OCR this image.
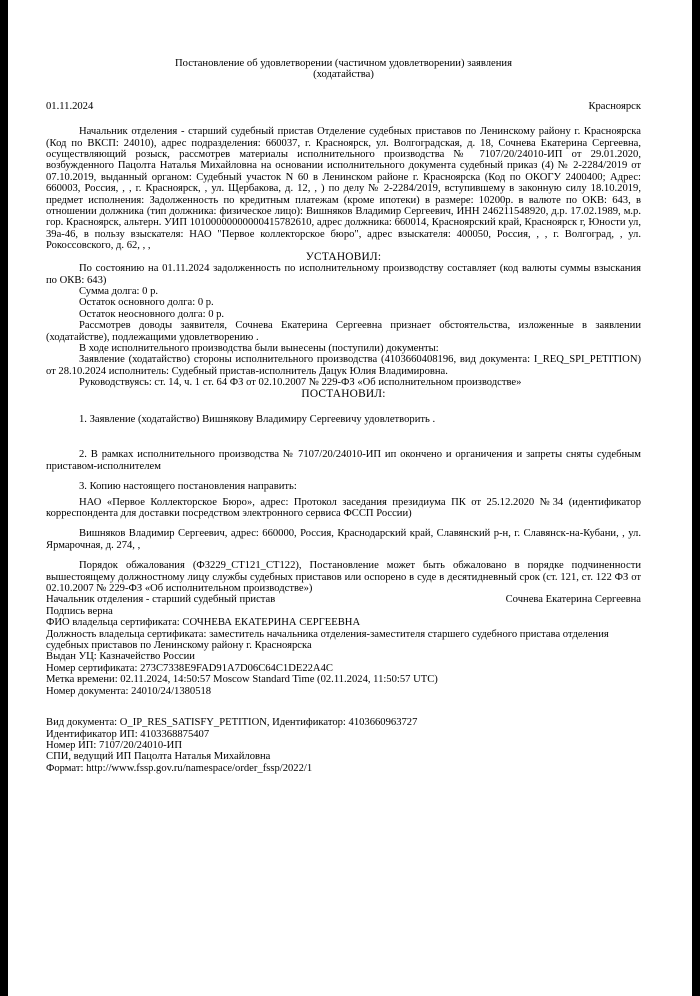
Постановление об удовлетворении (частичном удовлетворении) заявления (ходатайства)

01.11.2024	Красноярск

Начальник отделения - старший судебный пристав Отделение судебных приставов по Ленинскому району г. Красноярска (Код по ВКСП: 24010), адрес подразделения: 660037, г. Красноярск, ул. Волгоградская, д. 18, Сочнева Екатерина Сергеевна, осуществляющий розыск, рассмотрев материалы исполнительного производства № 7107/20/24010-ИП от 29.01.2020, возбужденного Пацолта Наталья Михайловна на основании исполнительного документа судебный приказ (4) № 2-2284/2019 от 07.10.2019, выданный органом: Судебный участок N 60 в Ленинском районе г. Красноярска (Код по ОКОГУ 2400400; Адрес: 660003, Россия, , , г. Красноярск, , ул. Щербакова, д. 12, , ) по делу № 2-2284/2019, вступившему в законную силу 18.10.2019, предмет исполнения: Задолженность по кредитным платежам (кроме ипотеки) в размере: 10200р. в валюте по ОКВ: 643, в отношении должника (тип должника: физическое лицо): Вишняков Владимир Сергеевич, ИНН 246211548920, д.р. 17.02.1989, м.р. гор. Красноярск, альтерн. УИП 10100000000000415782610, адрес должника: 660014, Красноярский край, Красноярск г, Юности ул, 39а-46, в пользу взыскателя: НАО "Первое коллекторское бюро", адрес взыскателя: 400050, Россия, , , г. Волгоград, , ул. Рокоссовского, д. 62, , ,

УСТАНОВИЛ:

По состоянию на 01.11.2024 задолженность по исполнительному производству составляет (код валюты суммы взыскания по ОКВ: 643)

Сумма долга: 0 р.

Остаток основного долга: 0 р.

Остаток неосновного долга: 0 р.

Рассмотрев доводы заявителя, Сочнева Екатерина Сергеевна признает обстоятельства, изложенные в заявлении (ходатайстве), подлежащими удовлетворению .

В ходе исполнительного производства были вынесены (поступили) документы:

Заявление (ходатайство) стороны исполнительного производства (4103660408196, вид документа: I_REQ_SPI_PETITION) от 28.10.2024 исполнитель: Судебный пристав-исполнитель Дацук Юлия Владимировна.

Руководствуясь: ст. 14, ч. 1 ст. 64 ФЗ от 02.10.2007 № 229-ФЗ «Об исполнительном производстве»

ПОСТАНОВИЛ:

1. Заявление (ходатайство) Вишнякову Владимиру Сергеевичу удовлетворить .

2. В рамках исполнительного производства № 7107/20/24010-ИП ип окончено и органичения и запреты сняты судебным приставом-исполнителем

3. Копию настоящего постановления направить:

НАО «Первое Коллекторское Бюро», адрес: Протокол заседания президиума ПК от 25.12.2020 №34 (идентификатор корреспондента для доставки посредством электронного сервиса ФССП России)

Вишняков Владимир Сергеевич, адрес: 660000, Россия, Краснодарский край, Славянский р-н, г. Славянск-на-Кубани, , ул. Ярмарочная, д. 274, ,

Порядок обжалования (ФЗ229_СТ121_СТ122), Постановление может быть обжаловано в порядке подчиненности вышестоящему должностному лицу службы судебных приставов или оспорено в суде в десятидневный срок (ст. 121, ст. 122 ФЗ от 02.10.2007 № 229-ФЗ «Об исполнительном производстве»)

Начальник отделения - старший судебный пристав	Сочнева Екатерина Сергеевна

Подпись верна

ФИО владельца сертификата: СОЧНЕВА ЕКАТЕРИНА СЕРГЕЕВНА

Должность владельца сертификата: заместитель начальника отделения-заместителя старшего судебного пристава отделения судебных приставов по Ленинскому району г. Красноярска

Выдан УЦ: Казначейство России

Номер сертификата: 273C7338E9FAD91A7D06C64C1DE22A4C

Метка времени: 02.11.2024, 14:50:57 Moscow Standard Time (02.11.2024, 11:50:57 UTC)

Номер документа: 24010/24/1380518

Вид документа: O_IP_RES_SATISFY_PETITION, Идентификатор: 4103660963727

Идентификатор ИП: 4103368875407

Номер ИП: 7107/20/24010-ИП

СПИ, ведущий ИП Пацолта Наталья Михайловна

Формат: http://www.fssp.gov.ru/namespace/order_fssp/2022/1
